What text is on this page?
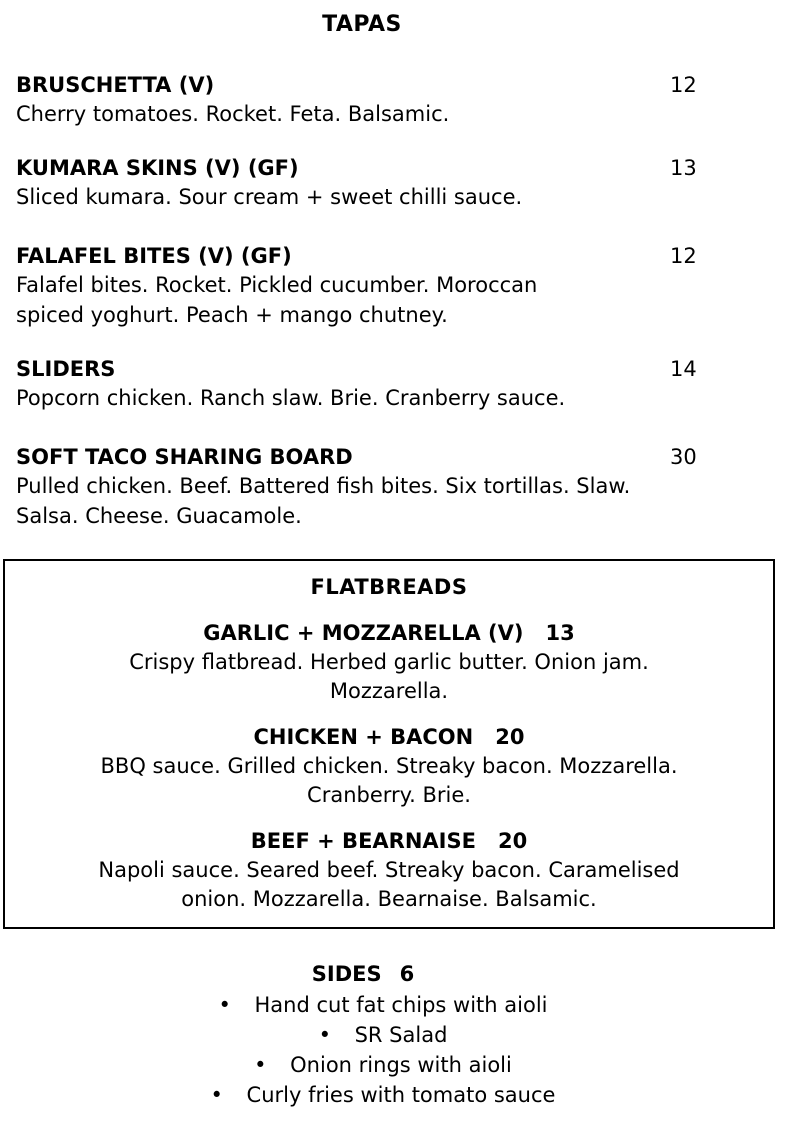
TAPAS
BRUSCHETTA (V)	12
Cherry tomatoes. Rocket. Feta. Balsamic.
KUMARA SKINS (V) (GF)	13
Sliced kumara. Sour cream + sweet chilli sauce.
FALAFEL BITES (V) (GF)	12
Falafel bites. Rocket. Pickled cucumber. Moroccan
spiced yoghurt. Peach + mango chutney.
SLIDERS	14
Popcorn chicken. Ranch slaw. Brie. Cranberry sauce.
SOFT TACO SHARING BOARD	30
Pulled chicken. Beef. Battered fish bites. Six tortillas. Slaw.
Salsa. Cheese. Guacamole.
FLATBREADS
GARLIC + MOZZARELLA (V) 13
Crispy flatbread. Herbed garlic butter. Onion jam.
Mozzarella.
CHICKEN + BACON 20
BBQ sauce. Grilled chicken. Streaky bacon. Mozzarella.
Cranberry. Brie.
BEEF + BEARNAISE 20
Napoli sauce. Seared beef. Streaky bacon. Caramelised
onion. Mozzarella. Bearnaise. Balsamic.
SIDES 6
• Hand cut fat chips with aioli
• SR Salad
• Onion rings with aioli
• Curly fries with tomato sauce
